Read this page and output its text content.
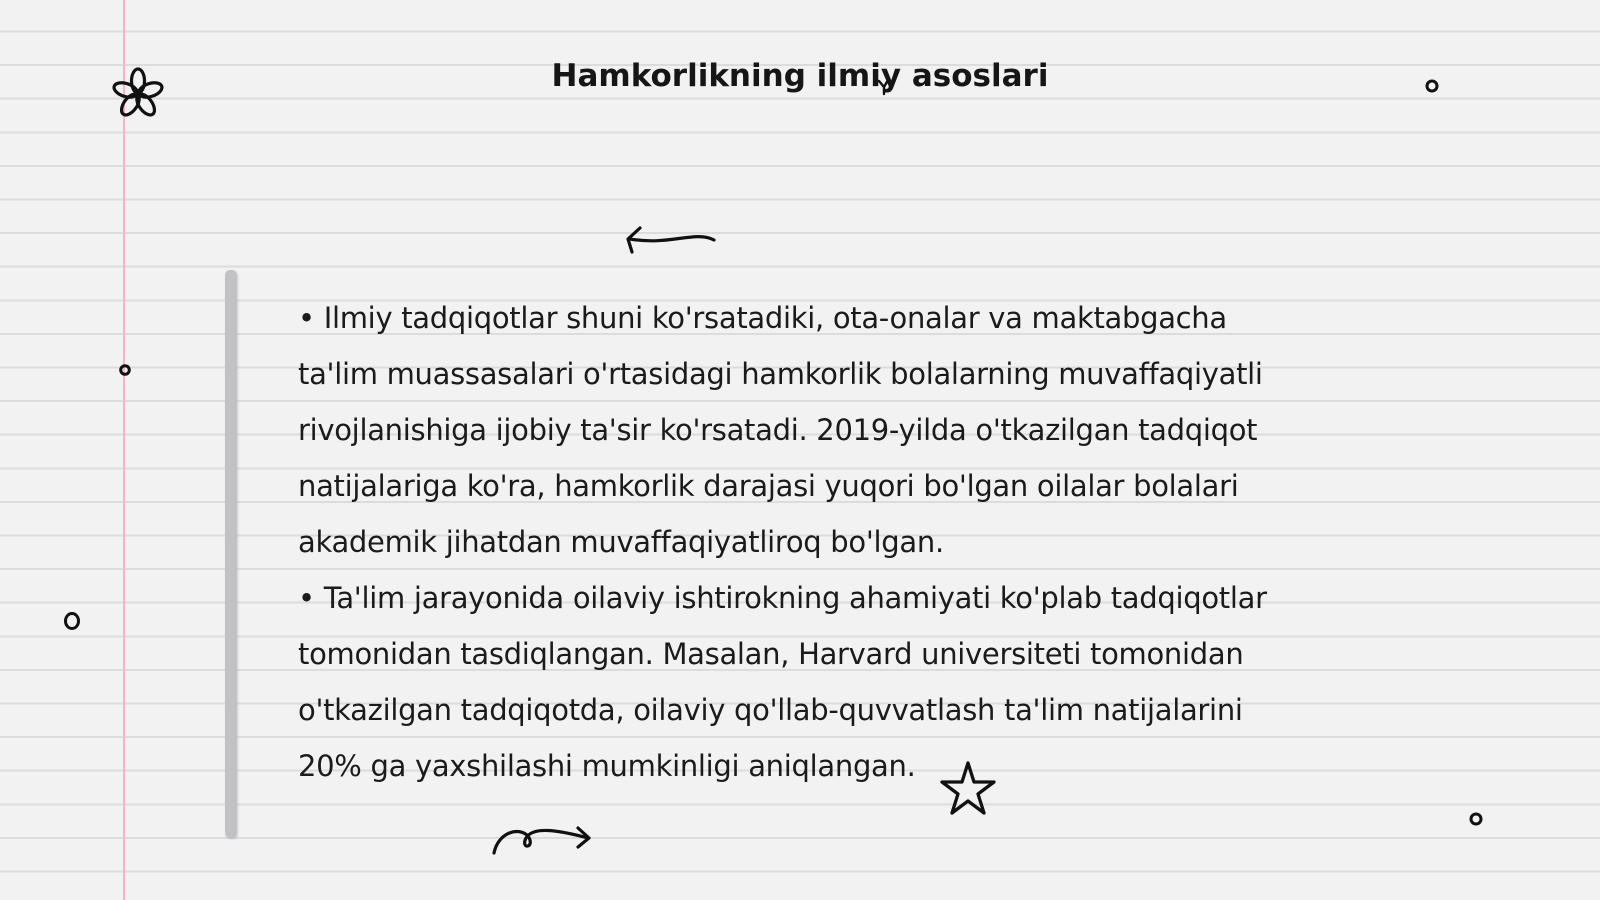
Hamkorlikning ilmiy asoslari

• Ilmiy tadqiqotlar shuni ko'rsatadiki, ota-onalar va maktabgacha ta'lim muassasalari o'rtasidagi hamkorlik bolalarning muvaffaqiyatli rivojlanishiga ijobiy ta'sir ko'rsatadi. 2019-yilda o'tkazilgan tadqiqot natijalariga ko'ra, hamkorlik darajasi yuqori bo'lgan oilalar bolalari akademik jihatdan muvaffaqiyatliroq bo'lgan.

• Ta'lim jarayonida oilaviy ishtirokning ahamiyati ko'plab tadqiqotlar tomonidan tasdiqlangan. Masalan, Harvard universiteti tomonidan o'tkazilgan tadqiqotda, oilaviy qo'llab-quvvatlash ta'lim natijalarini 20% ga yaxshilashi mumkinligi aniqlangan.
